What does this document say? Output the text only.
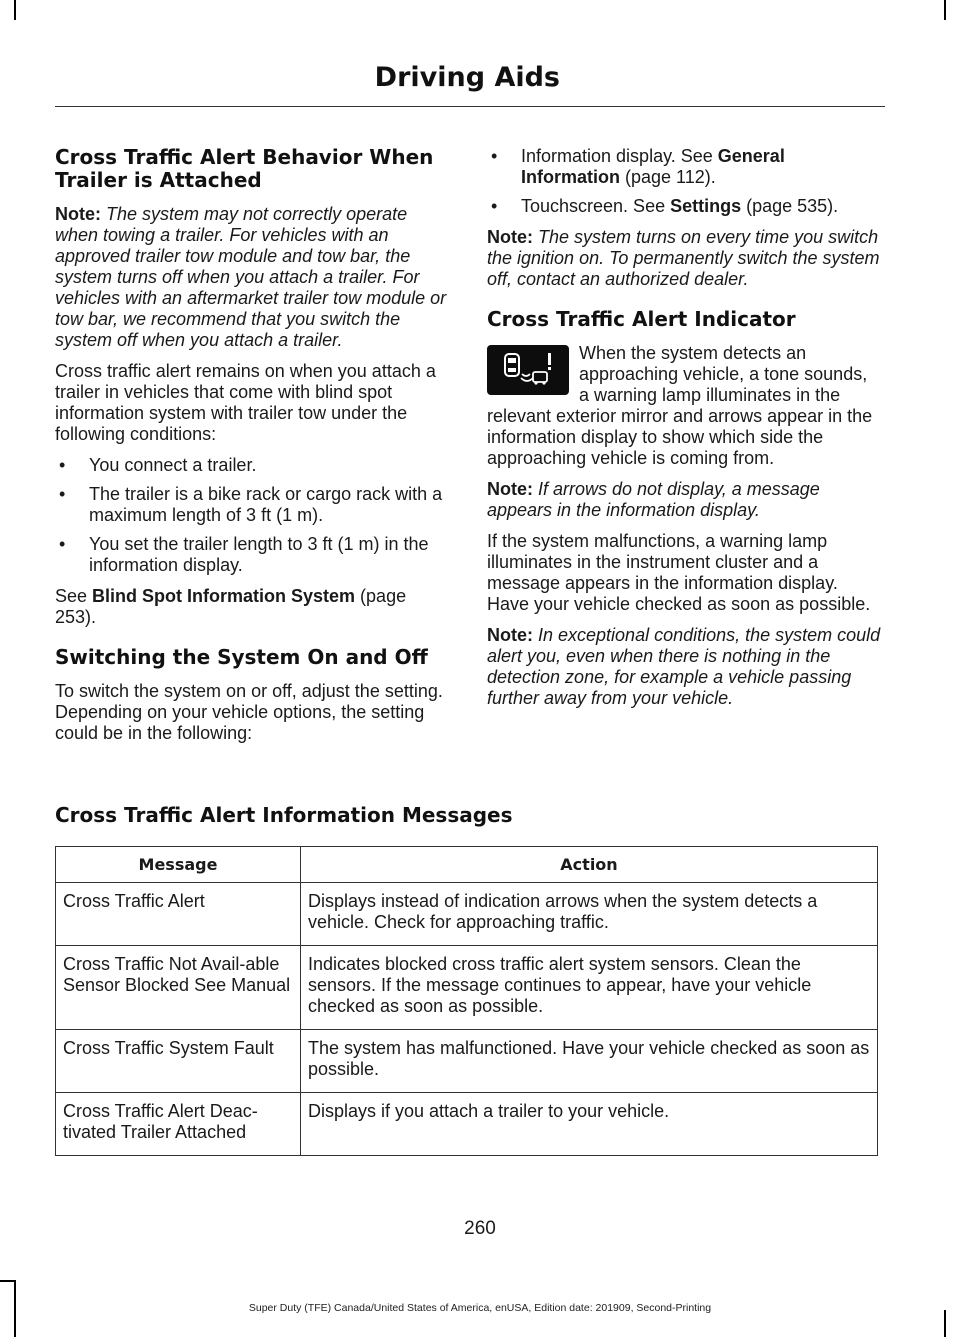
Driving Aids
Cross Traffic Alert Behavior When Trailer is Attached

Note: The system may not correctly operate when towing a trailer. For vehicles with an approved trailer tow module and tow bar, the system turns off when you attach a trailer. For vehicles with an aftermarket trailer tow module or tow bar, we recommend that you switch the system off when you attach a trailer.

Cross traffic alert remains on when you attach a trailer in vehicles that come with blind spot information system with trailer tow under the following conditions:

• You connect a trailer.
• The trailer is a bike rack or cargo rack with a maximum length of 3 ft (1 m).
• You set the trailer length to 3 ft (1 m) in the information display.

See Blind Spot Information System (page 253).

Switching the System On and Off

To switch the system on or off, adjust the setting. Depending on your vehicle options, the setting could be in the following:

• Information display. See General Information (page 112).
• Touchscreen. See Settings (page 535).

Note: The system turns on every time you switch the ignition on. To permanently switch the system off, contact an authorized dealer.

Cross Traffic Alert Indicator

When the system detects an approaching vehicle, a tone sounds, a warning lamp illuminates in the relevant exterior mirror and arrows appear in the information display to show which side the approaching vehicle is coming from.

Note: If arrows do not display, a message appears in the information display.

If the system malfunctions, a warning lamp illuminates in the instrument cluster and a message appears in the information display. Have your vehicle checked as soon as possible.

Note: In exceptional conditions, the system could alert you, even when there is nothing in the detection zone, for example a vehicle passing further away from your vehicle.

Cross Traffic Alert Information Messages
Message	Action
Cross Traffic Alert	Displays instead of indication arrows when the system detects a vehicle. Check for approaching traffic.
Cross Traffic Not Avail-able Sensor Blocked See Manual	Indicates blocked cross traffic alert system sensors. Clean the sensors. If the message continues to appear, have your vehicle checked as soon as possible.
Cross Traffic System Fault	The system has malfunctioned. Have your vehicle checked as soon as possible.
Cross Traffic Alert Deac-tivated Trailer Attached	Displays if you attach a trailer to your vehicle.
260
Super Duty (TFE) Canada/United States of America, enUSA, Edition date: 201909, Second-Printing
